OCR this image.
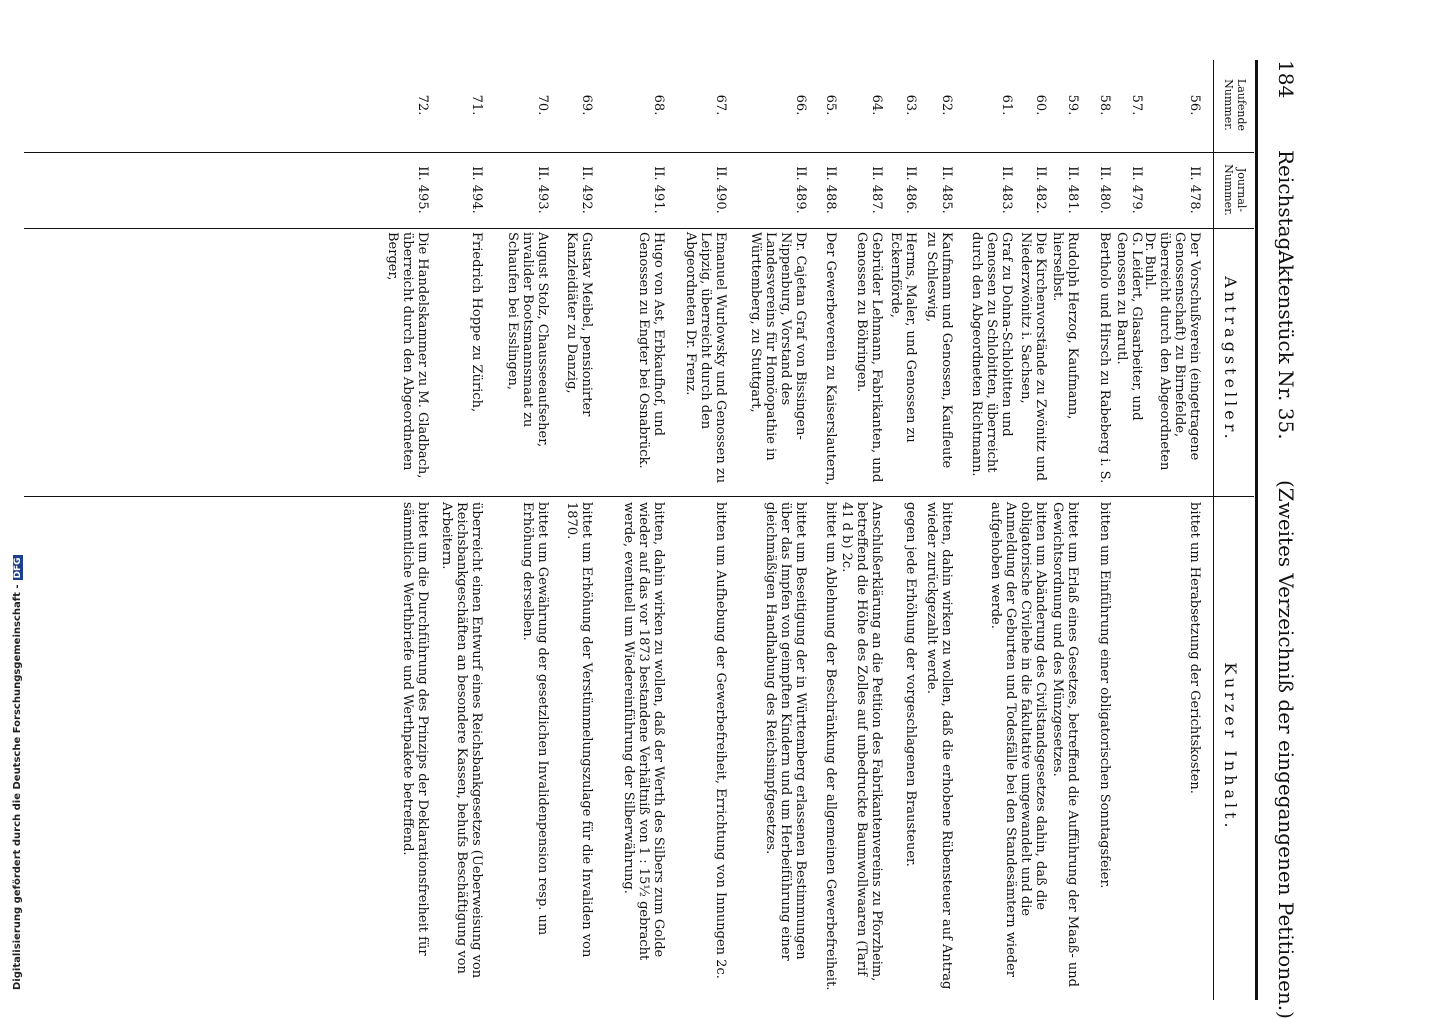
Digitalisierung gefördert durch die Deutsche Forschungsgemeinschaft -DFG
184
Reichstag.
Aktenstück Nr. 35.
(Zweites Verzeichniß der eingegangenen Petitionen.)
Laufende Nummer.
Journal-Nummer.
Antragsteller.
Kurzer Inhalt.
56.
II. 478.
Der Vorschußverein (eingetragene Genossenschaft) zu Birnefelde, überreicht durch den Abgeordneten Dr. Buhl.
bittet um Herabsetzung der Gerichtskosten.
57.
II. 479.
G. Leidert, Glasarbeiter, und Genossen zu Barutl.
58.
II. 480.
Bertholo und Hirsch zu Rabeberg i. S.
bitten um Einführung einer obligatorischen Sonntagsfeier.
59.
II. 481.
Rudolph Herzog, Kaufmann, hierselbst.
bittet um Erlaß eines Gesetzes, betreffend die Aufführung der Maaß- und Gewichtsordnung und des Münzgesetzes.
60.
II. 482.
Die Kirchenvorstände zu Zwönitz und Niederzwönitz i. Sachsen,
bitten um Abänderung des Civilstandsgesetzes dahin, daß die obligatorische Civilehe in die fakultative umgewandelt und die Anmeldung der Geburten und Todesfälle bei den Standesämtern wieder aufgehoben werde.
61.
II. 483.
Graf zu Dohna-Schlobitten und Genossen zu Schlobitten, überreicht durch den Abgeordneten Richtmann.
62.
II. 485.
Kaufmann und Genossen, Kaufleute zu Schleswig,
bitten, dahin wirken zu wollen, daß die erhobene Rübensteuer auf Antrag wieder zurückgezahlt werde.
63.
II. 486.
Herms, Maler, und Genossen zu Eckernförde,
gegen jede Erhöhung der vorgeschlagenen Brausteuer.
64.
II. 487.
Gebrüder Lehmann, Fabrikanten, und Genossen zu Böhringen.
Anschlußerklärung an die Petition des Fabrikantenvereins zu Pforzheim, betreffend die Höhe des Zolles auf unbedruckte Baumwollwaaren (Tarif 41 d b) 2c.
65.
II. 488.
Der Gewerbeverein zu Kaiserslautern,
bittet um Ablehnung der Beschränkung der allgemeinen Gewerbefreiheit.
66.
II. 489.
Dr. Cajetan Graf von Bissingen-Nippenburg, Vorstand des Landesvereins für Homöopathie in Württemberg, zu Stuttgart,
bittet um Beseitigung der in Württemberg erlassenen Bestimmungen über das Impfen von geimpften Kindern und um Herbeiführung einer gleichmäßigen Handhabung des Reichsimpfgesetzes.
67.
II. 490.
Emanuel Wurlowsky und Genossen zu Leipzig, überreicht durch den Abgeordneten Dr. Frenz.
bitten um Aufhebung der Gewerbefreiheit, Errichtung von Innungen 2c.
68.
II. 491.
Hugo von Ast, Erbkaufhof, und Genossen zu Engter bei Osnabrück.
bitten, dahin wirken zu wollen, daß der Werth des Silbers zum Golde wieder auf das vor 1873 bestandene Verhältniß von 1 : 15½ gebracht werde, eventuell um Wiedereinführung der Silberwährung.
69.
II. 492.
Gustav Meibel, pensionirter Kanzleidiäter zu Danzig,
bittet um Erhöhung der Verstümmelungszulage für die Invaliden von 1870.
70.
II. 493.
August Stolz, Chausseeaufseher, invalider Bootsmannsmaat zu Schaufen bei Esslingen,
bittet um Gewährung der gesetzlichen Invalidenpension resp. um Erhöhung derselben.
71.
II. 494.
Friedrich Hoppe zu Zürich,
überreicht einen Entwurf eines Reichsbankgesetzes (Ueberweisung von Reichsbankgeschäften an besondere Kassen, behufs Beschäftigung von Arbeitern.
72.
II. 495.
Die Handelskammer zu M. Gladbach, überreicht durch den Abgeordneten Berger,
bittet um die Durchführung des Prinzips der Deklarationsfreiheit für sämmtliche Werthbriefe und Werthpakete betreffend.
